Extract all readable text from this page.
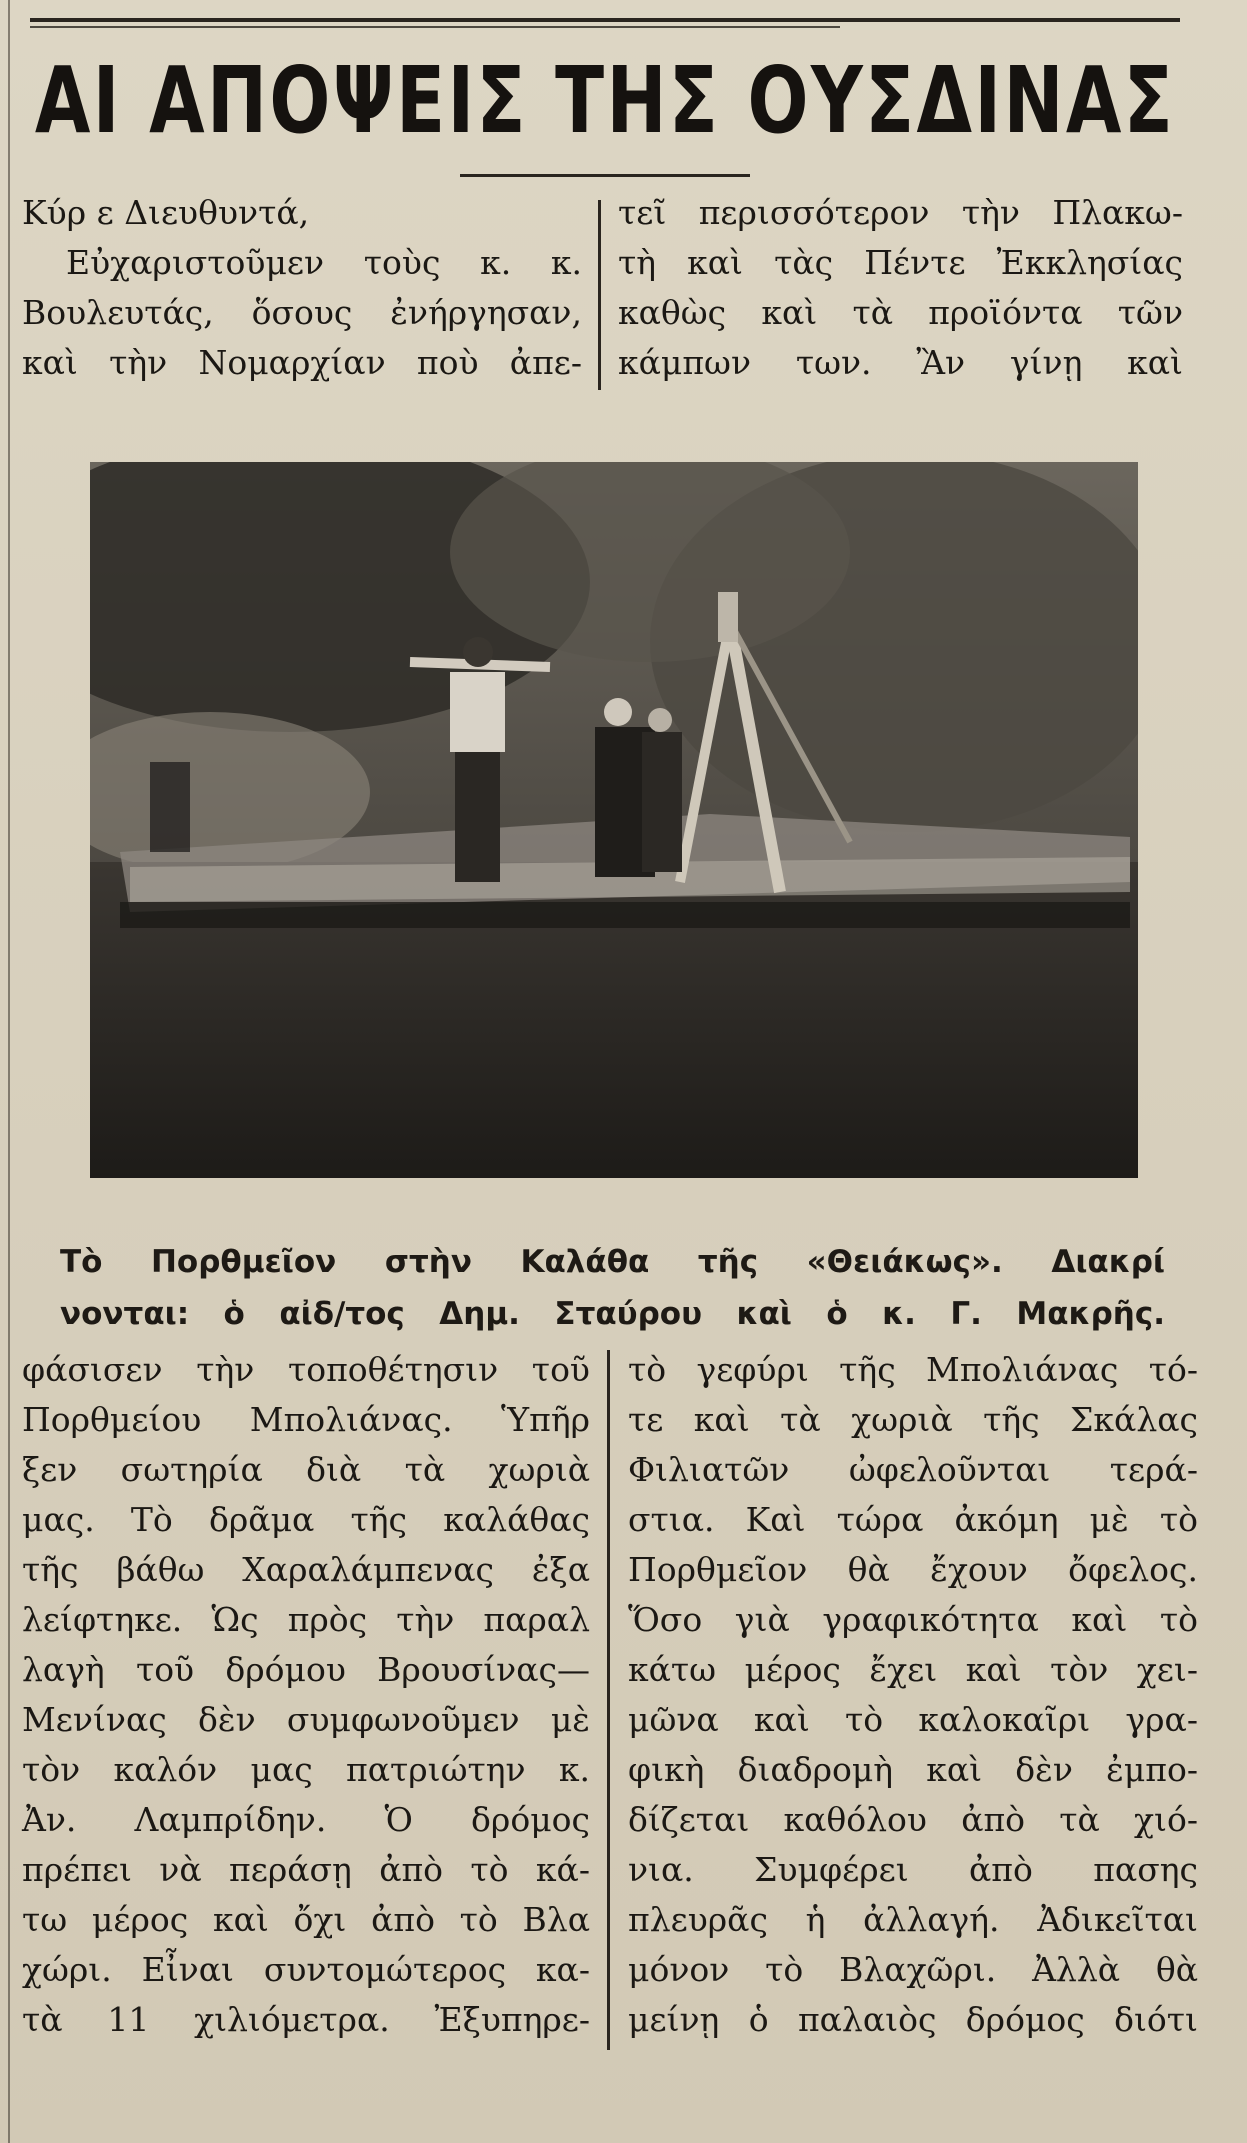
ΑΙ ΑΠΟΨΕΙΣ ΤΗΣ ΟΥΣΔΙΝΑΣ
Κύρ ε Διευθυντά,
Εὐχαριστοῦμεν τοὺς κ. κ.
Βουλευτάς, ὅσους ἐνήργησαν,
καὶ τὴν Νομαρχίαν ποὺ ἀπε-
τεῖ περισσότερον τὴν Πλακω-
τὴ καὶ τὰς Πέντε Ἐκκλησίας
καθὼς καὶ τὰ προϊόντα τῶν
κάμπων των. Ἂν γίνῃ καὶ
Τὸ Πορθμεῖον στὴν Καλάθα τῆς «Θειάκως». Διακρί
νονται: ὁ αἰδ/τος Δημ. Σταύρου καὶ ὁ κ. Γ. Μακρῆς.
φάσισεν τὴν τοποθέτησιν τοῦ
Πορθμείου Μπολιάνας. Ὑπῆρ
ξεν σωτηρία διὰ τὰ χωριὰ
μας. Τὸ δρᾶμα τῆς καλάθας
τῆς βάθω Χαραλάμπενας ἐξα
λείφτηκε. Ὡς πρὸς τὴν παραλ
λαγὴ τοῦ δρόμου Βρουσίνας—
Μενίνας δὲν συμφωνοῦμεν μὲ
τὸν καλόν μας πατριώτην κ.
Ἀν. Λαμπρίδην. Ὁ δρόμος
πρέπει νὰ περάσῃ ἀπὸ τὸ κά-
τω μέρος καὶ ὄχι ἀπὸ τὸ Βλα
χώρι. Εἶναι συντομώτερος κα-
τὰ 11 χιλιόμετρα. Ἐξυπηρε-
τὸ γεφύρι τῆς Μπολιάνας τό-
τε καὶ τὰ χωριὰ τῆς Σκάλας
Φιλιατῶν ὠφελοῦνται τερά-
στια. Καὶ τώρα ἀκόμη μὲ τὸ
Πορθμεῖον θὰ ἔχουν ὄφελος.
Ὅσο γιὰ γραφικότητα καὶ τὸ
κάτω μέρος ἔχει καὶ τὸν χει-
μῶνα καὶ τὸ καλοκαῖρι γρα-
φικὴ διαδρομὴ καὶ δὲν ἐμπο-
δίζεται καθόλου ἀπὸ τὰ χιό-
νια. Συμφέρει ἀπὸ πασης
πλευρᾶς ἡ ἀλλαγή. Ἀδικεῖται
μόνον τὸ Βλαχῶρι. Ἀλλὰ θὰ
μείνῃ ὁ παλαιὸς δρόμος διότι
